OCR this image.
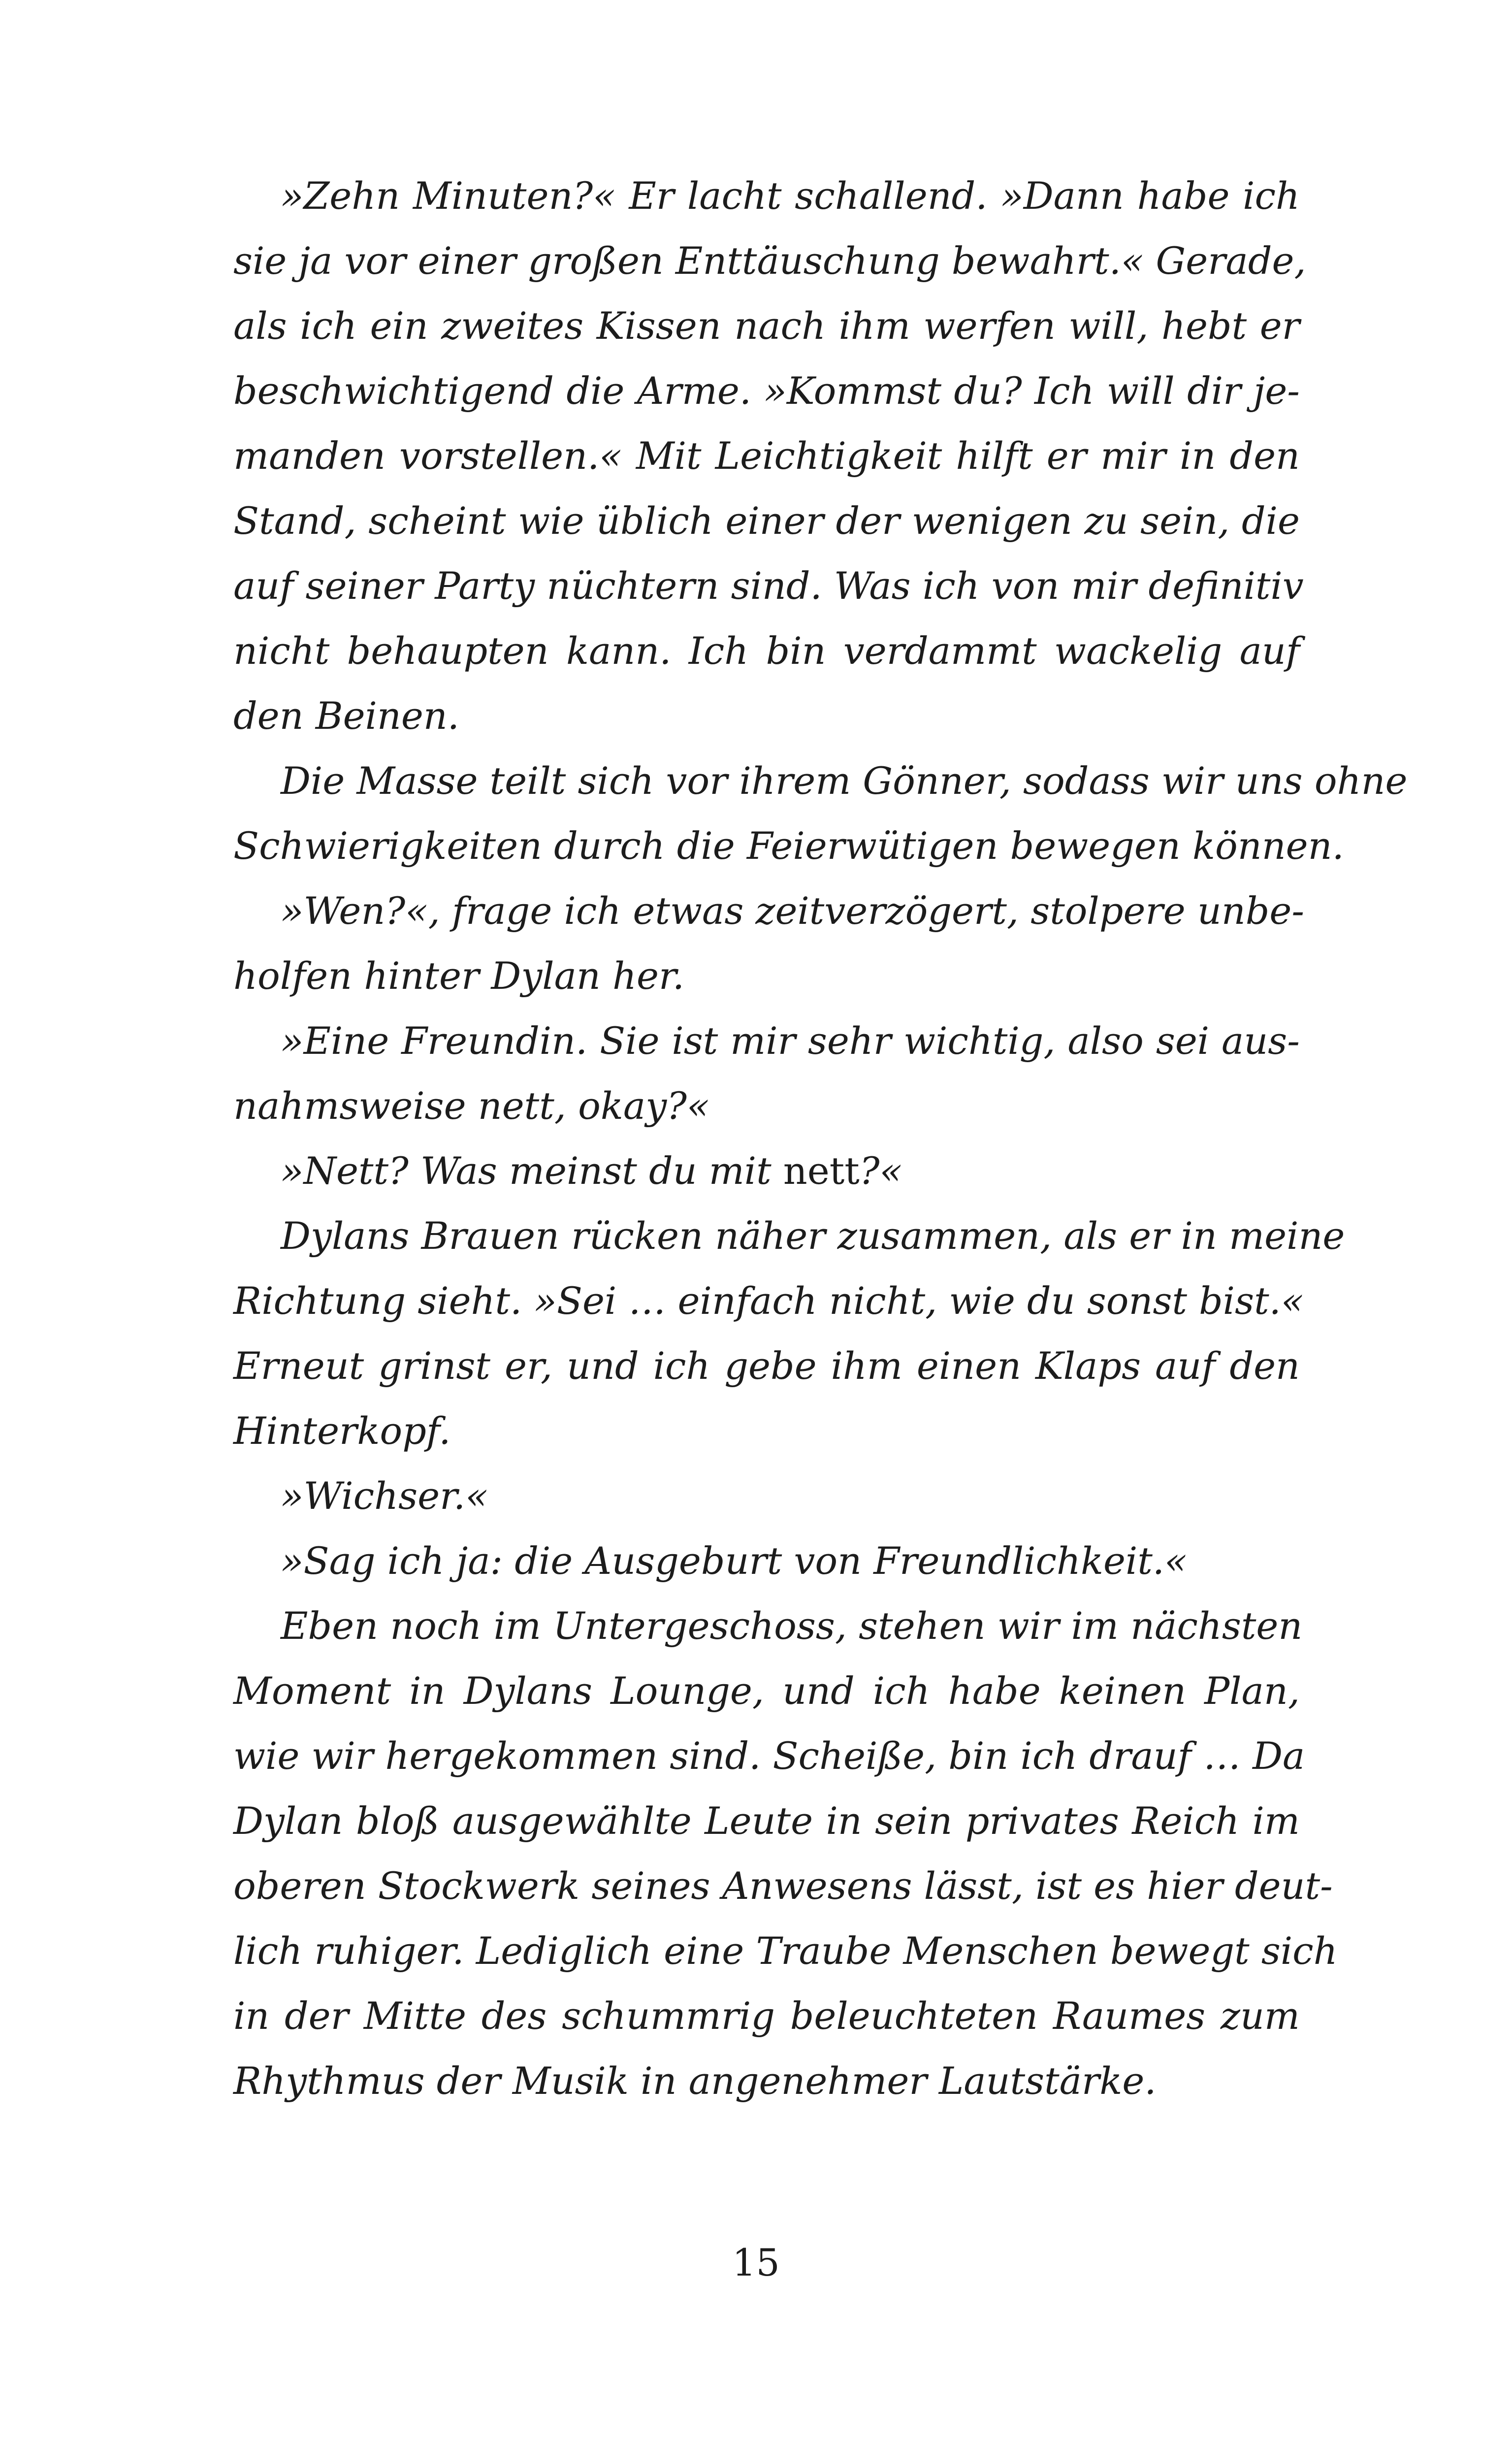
»Zehn Minuten?« Er lacht schallend. »Dann habe ich
sie ja vor einer großen Enttäuschung bewahrt.« Gerade,
als ich ein zweites Kissen nach ihm werfen will, hebt er
beschwichtigend die Arme. »Kommst du? Ich will dir je-
manden vorstellen.« Mit Leichtigkeit hilft er mir in den
Stand, scheint wie üblich einer der wenigen zu sein, die
auf seiner Party nüchtern sind. Was ich von mir definitiv
nicht behaupten kann. Ich bin verdammt wackelig auf
den Beinen.
Die Masse teilt sich vor ihrem Gönner, sodass wir uns ohne
Schwierigkeiten durch die Feierwütigen bewegen können.
»Wen?«, frage ich etwas zeitverzögert, stolpere unbe-
holfen hinter Dylan her.
»Eine Freundin. Sie ist mir sehr wichtig, also sei aus-
nahmsweise nett, okay?«
»Nett? Was meinst du mit nett?«
Dylans Brauen rücken näher zusammen, als er in meine
Richtung sieht. »Sei … einfach nicht, wie du sonst bist.«
Erneut grinst er, und ich gebe ihm einen Klaps auf den
Hinterkopf.
»Wichser.«
»Sag ich ja: die Ausgeburt von Freundlichkeit.«
Eben noch im Untergeschoss, stehen wir im nächsten
Moment in Dylans Lounge, und ich habe keinen Plan,
wie wir hergekommen sind. Scheiße, bin ich drauf … Da
Dylan bloß ausgewählte Leute in sein privates Reich im
oberen Stockwerk seines Anwesens lässt, ist es hier deut-
lich ruhiger. Lediglich eine Traube Menschen bewegt sich
in der Mitte des schummrig beleuchteten Raumes zum
Rhythmus der Musik in angenehmer Lautstärke.
15
